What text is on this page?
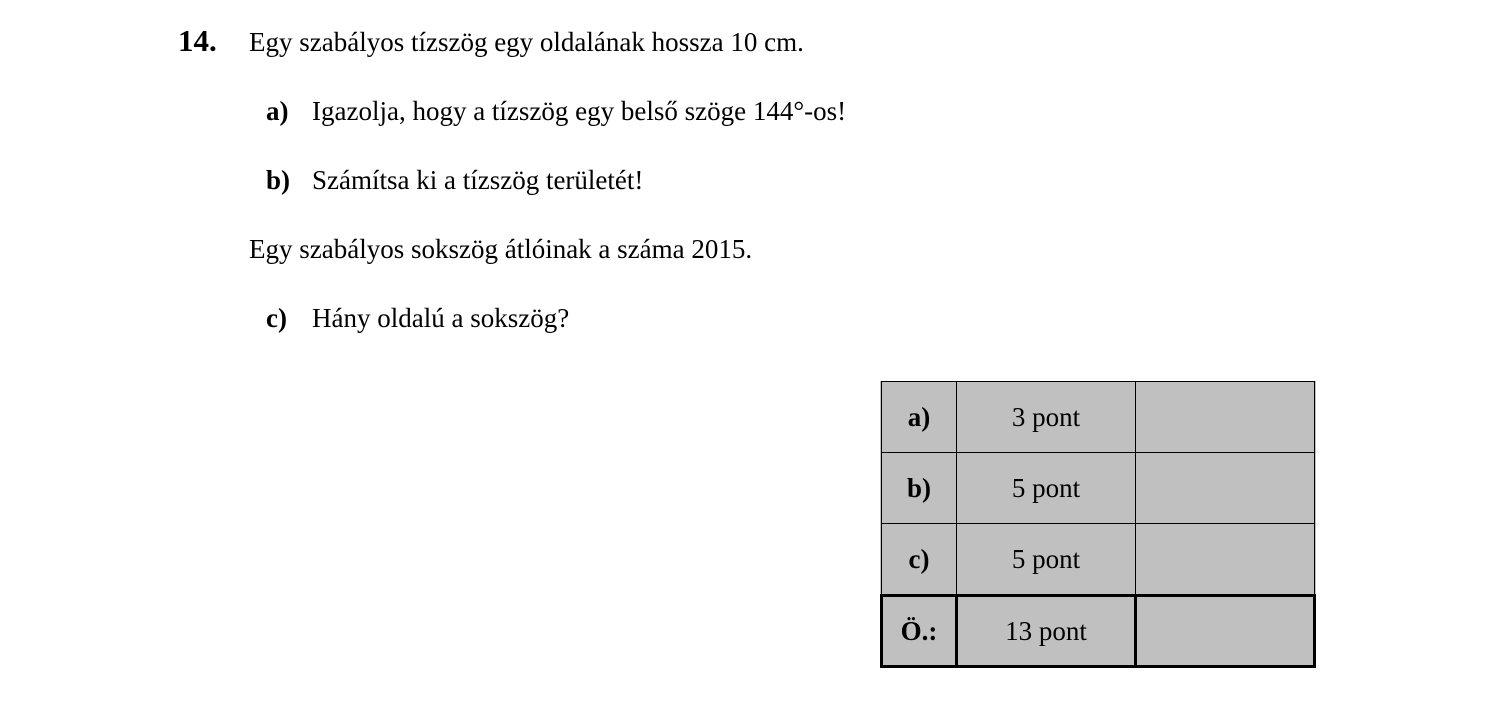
14. Egy szabályos tízszög egy oldalának hossza 10 cm.
a) Igazolja, hogy a tízszög egy belső szöge 144°-os!
b) Számítsa ki a tízszög területét!
Egy szabályos sokszög átlóinak a száma 2015.
c) Hány oldalú a sokszög?
a)	3 pont	
b)	5 pont	
c)	5 pont	
Ö.:	13 pont	
